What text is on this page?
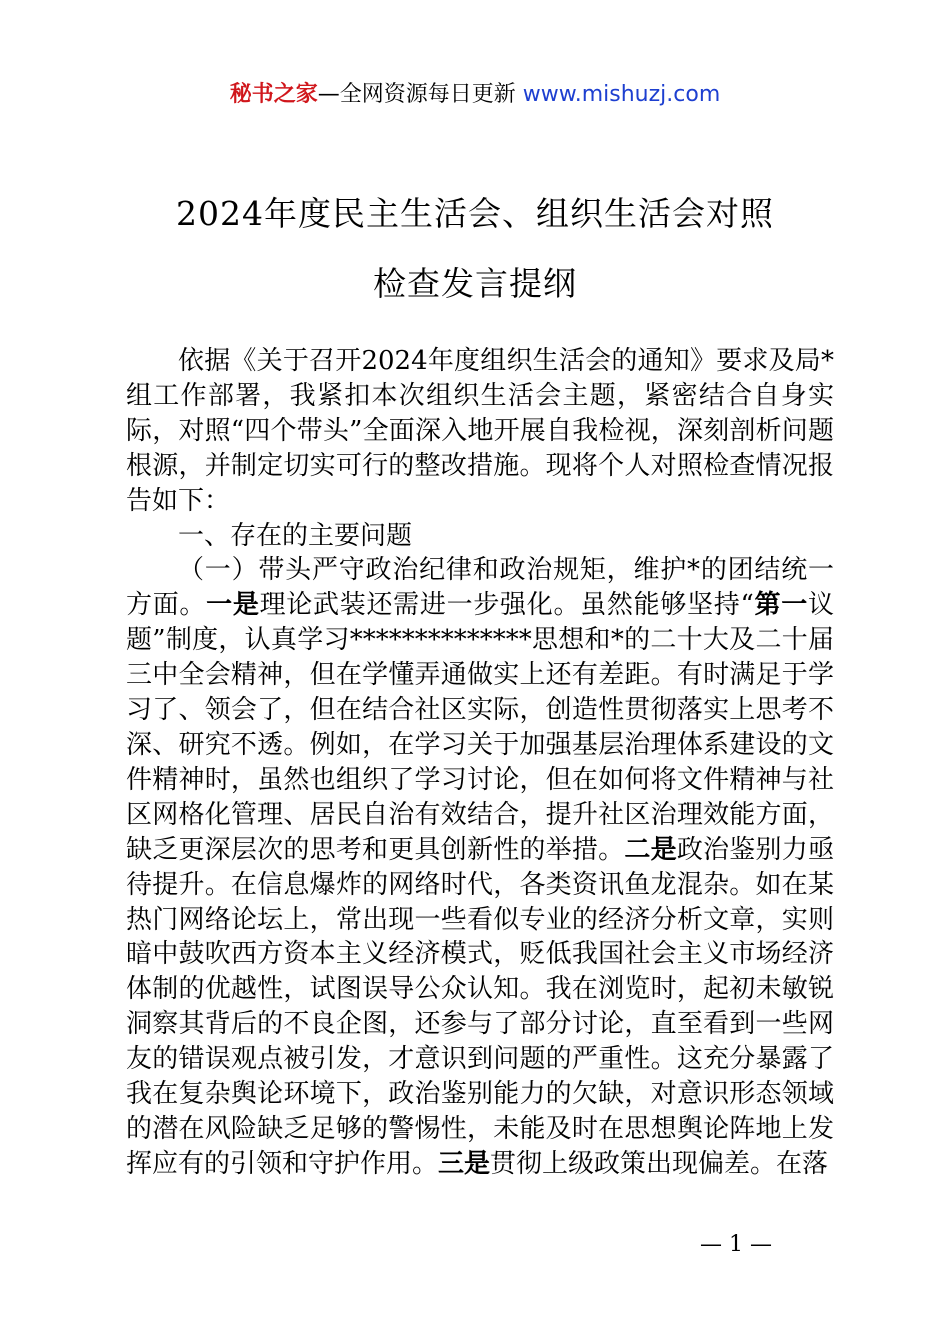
秘书之家—全网资源每日更新 www.mishuzj.com
2024年度民主生活会、组织生活会对照
检查发言提纲

依据《关于召开2024年度组织生活会的通知》要求及局*组工作部署，我紧扣本次组织生活会主题，紧密结合自身实际，对照“四个带头”全面深入地开展自我检视，深刻剖析问题根源，并制定切实可行的整改措施。现将个人对照检查情况报告如下：

一、存在的主要问题

（一）带头严守政治纪律和政治规矩，维护*的团结统一方面。一是理论武装还需进一步强化。虽然能够坚持“第一议题”制度，认真学习**************思想和*的二十大及二十届三中全会精神，但在学懂弄通做实上还有差距。有时满足于学习了、领会了，但在结合社区实际，创造性贯彻落实上思考不深、研究不透。例如，在学习关于加强基层治理体系建设的文件精神时，虽然也组织了学习讨论，但在如何将文件精神与社区网格化管理、居民自治有效结合，提升社区治理效能方面，缺乏更深层次的思考和更具创新性的举措。二是政治鉴别力亟待提升。在信息爆炸的网络时代，各类资讯鱼龙混杂。如在某热门网络论坛上，常出现一些看似专业的经济分析文章，实则暗中鼓吹西方资本主义经济模式，贬低我国社会主义市场经济体制的优越性，试图误导公众认知。我在浏览时，起初未敏锐洞察其背后的不良企图，还参与了部分讨论，直至看到一些网友的错误观点被引发，才意识到问题的严重性。这充分暴露了我在复杂舆论环境下，政治鉴别能力的欠缺，对意识形态领域的潜在风险缺乏足够的警惕性，未能及时在思想舆论阵地上发挥应有的引领和守护作用。三是贯彻上级政策出现偏差。在落

— 1 —
